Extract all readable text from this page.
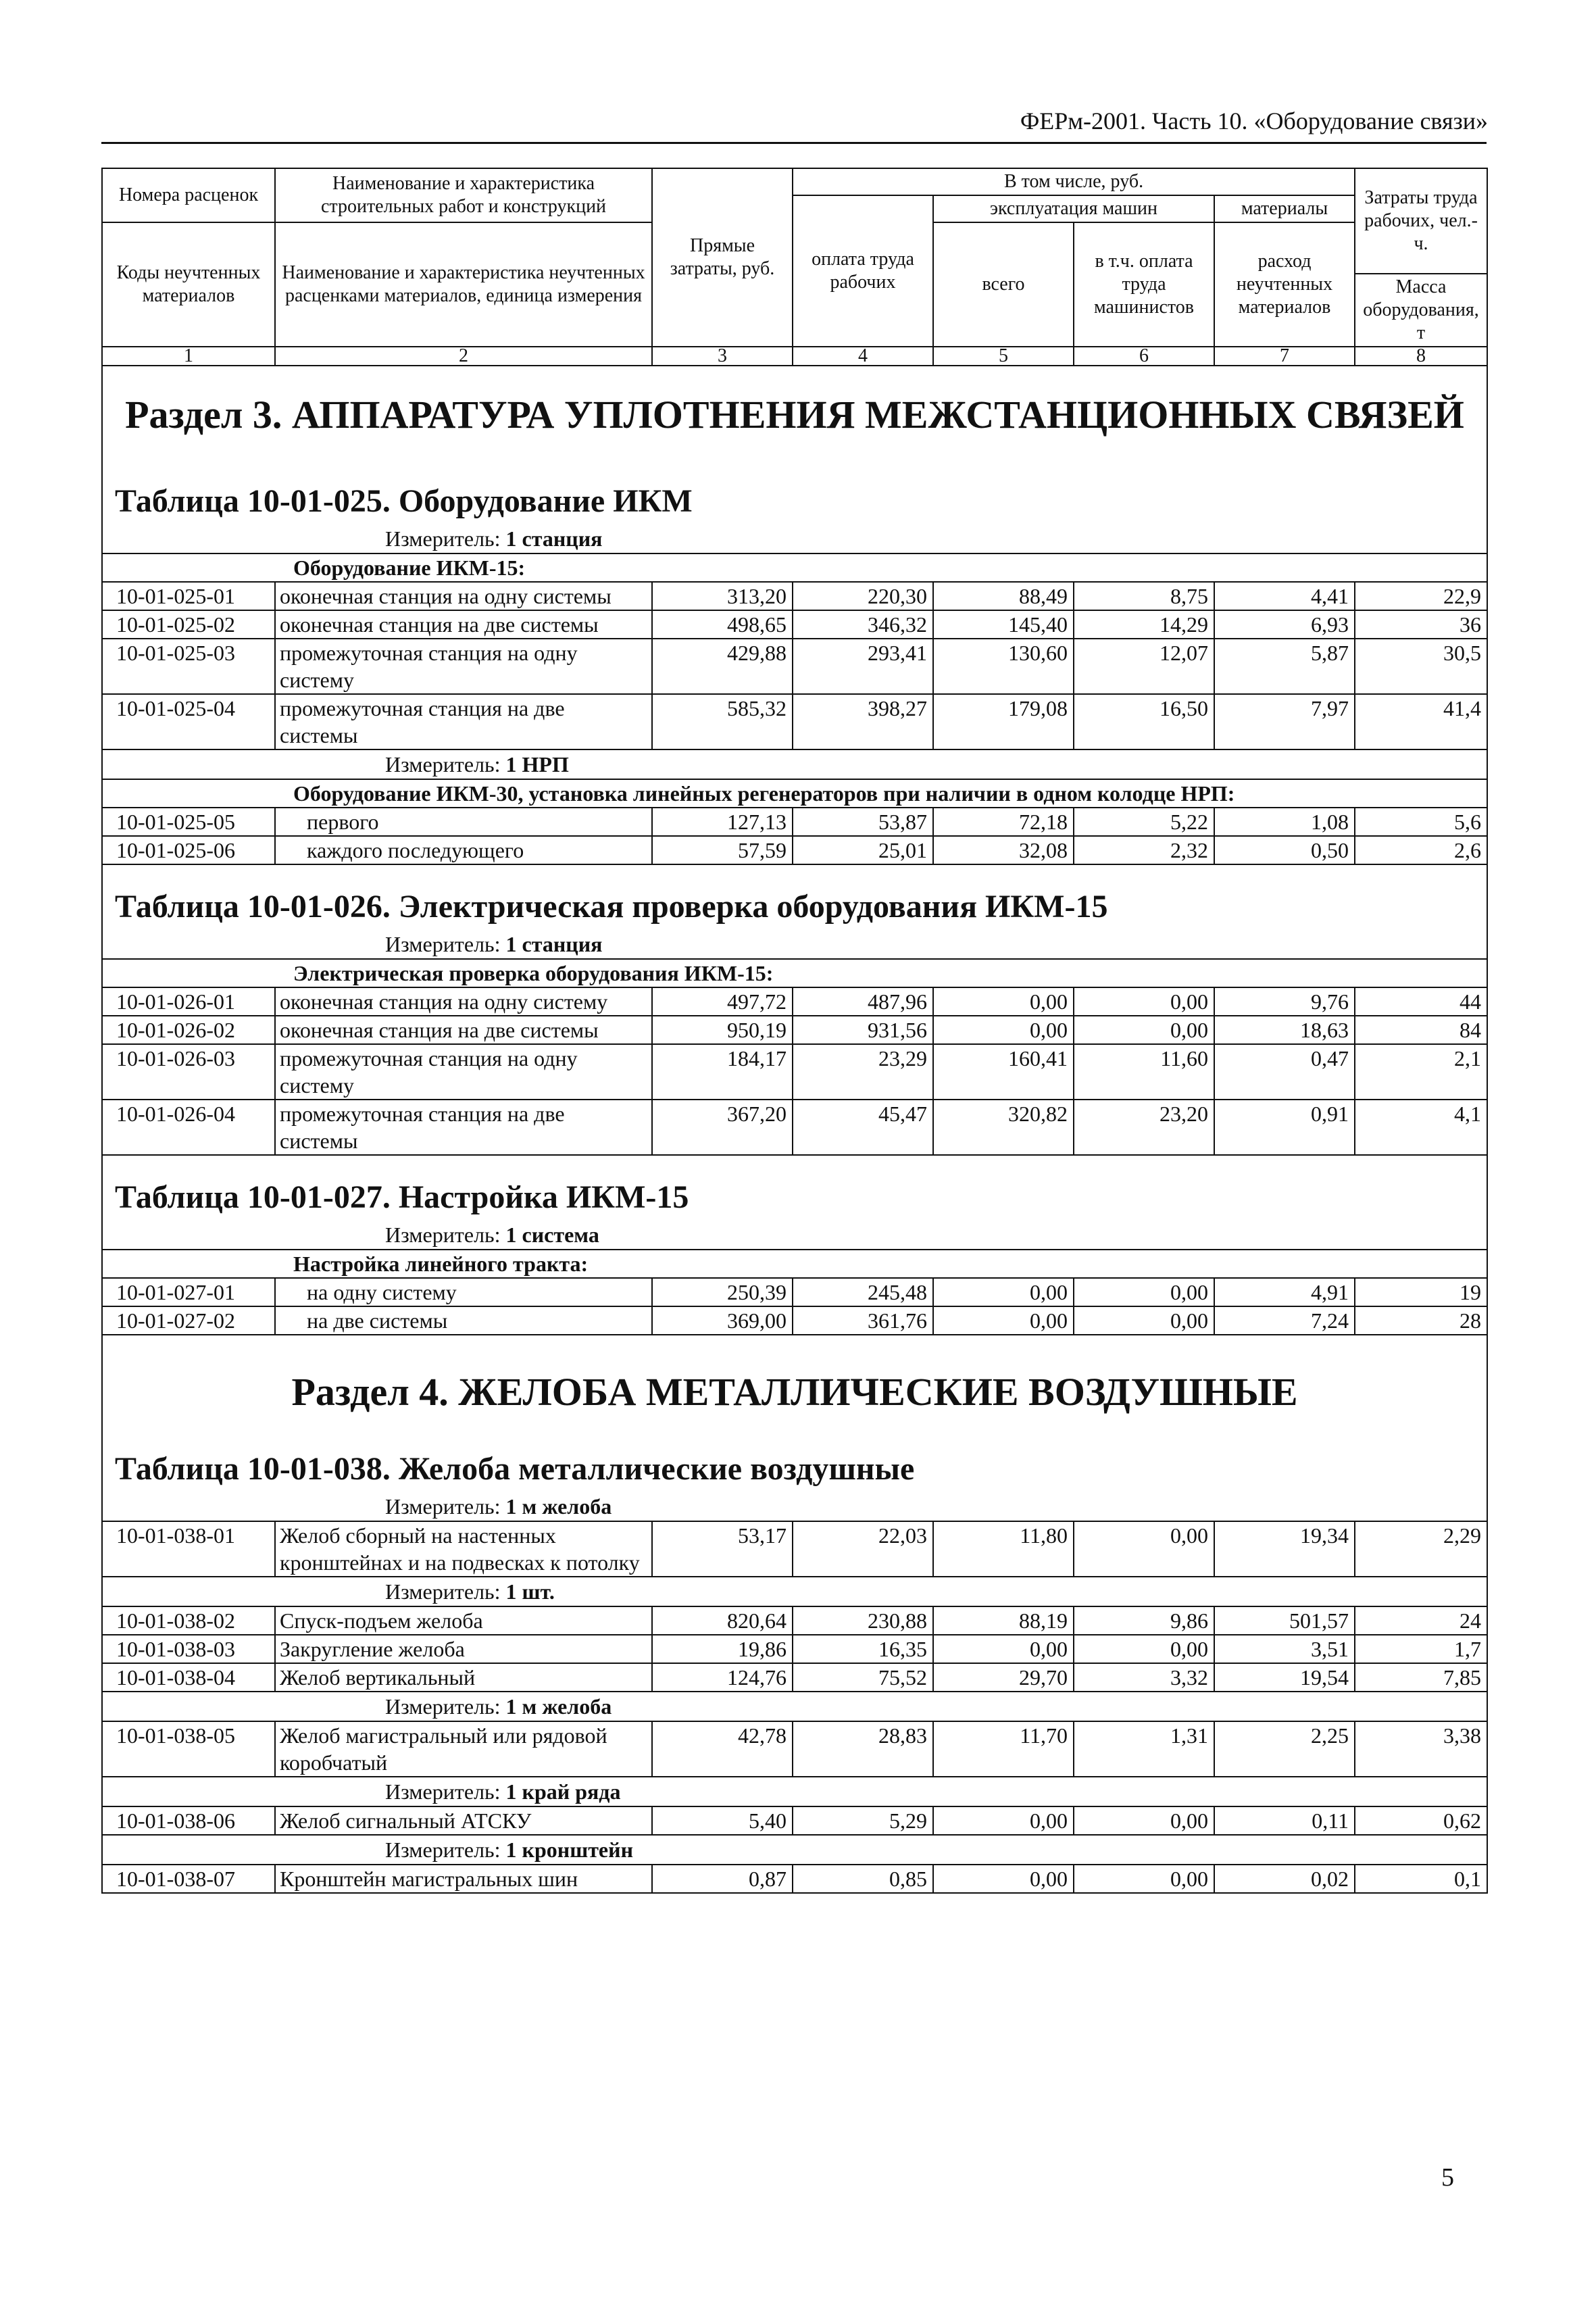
ФЕРм-2001. Часть 10. «Оборудование связи»
Номера расценок	Наименование и характеристика строительных работ и конструкций	Прямые затраты, руб.	В том числе, руб.				Затраты труда рабочих, чел.-ч.
			оплата труда рабочих	эксплуатация машин		материалы	
Коды неучтенных материалов	Наименование и характеристика неучтенных расценками материалов, единица измерения			всего	в т.ч. оплата труда машинистов	расход неучтенных материалов	
							Масса оборудования, т
1	2	3	4	5	6	7	8
Раздел 3. АППАРАТУРА УПЛОТНЕНИЯ МЕЖСТАНЦИОННЫХ СВЯЗЕЙ							
Таблица 10-01-025. Оборудование ИКМ							
Измеритель: 1 станция							
Оборудование ИКМ-15:							
10-01-025-01	оконечная станция на одну системы	313,20	220,30	88,49	8,75	4,41	22,9
10-01-025-02	оконечная станция на две системы	498,65	346,32	145,40	14,29	6,93	36
10-01-025-03	промежуточная станция на одну систему	429,88	293,41	130,60	12,07	5,87	30,5
10-01-025-04	промежуточная станция на две системы	585,32	398,27	179,08	16,50	7,97	41,4
Измеритель: 1 НРП							
Оборудование ИКМ-30, установка линейных регенераторов при наличии в одном колодце НРП:							
10-01-025-05	первого	127,13	53,87	72,18	5,22	1,08	5,6
10-01-025-06	каждого последующего	57,59	25,01	32,08	2,32	0,50	2,6
Таблица 10-01-026. Электрическая проверка оборудования ИКМ-15							
Измеритель: 1 станция							
Электрическая проверка оборудования ИКМ-15:							
10-01-026-01	оконечная станция на одну систему	497,72	487,96	0,00	0,00	9,76	44
10-01-026-02	оконечная станция на две системы	950,19	931,56	0,00	0,00	18,63	84
10-01-026-03	промежуточная станция на одну систему	184,17	23,29	160,41	11,60	0,47	2,1
10-01-026-04	промежуточная станция на две системы	367,20	45,47	320,82	23,20	0,91	4,1
Таблица 10-01-027. Настройка ИКМ-15							
Измеритель: 1 система							
Настройка линейного тракта:							
10-01-027-01	на одну систему	250,39	245,48	0,00	0,00	4,91	19
10-01-027-02	на две системы	369,00	361,76	0,00	0,00	7,24	28
Раздел 4. ЖЕЛОБА МЕТАЛЛИЧЕСКИЕ ВОЗДУШНЫЕ							
Таблица 10-01-038. Желоба металлические воздушные							
Измеритель: 1 м желоба							
10-01-038-01	Желоб сборный на настенных кронштейнах и на подвесках к потолку	53,17	22,03	11,80	0,00	19,34	2,29
Измеритель: 1 шт.							
10-01-038-02	Спуск-подъем желоба	820,64	230,88	88,19	9,86	501,57	24
10-01-038-03	Закругление желоба	19,86	16,35	0,00	0,00	3,51	1,7
10-01-038-04	Желоб вертикальный	124,76	75,52	29,70	3,32	19,54	7,85
Измеритель: 1 м желоба							
10-01-038-05	Желоб магистральный или рядовой коробчатый	42,78	28,83	11,70	1,31	2,25	3,38
Измеритель: 1 край ряда							
10-01-038-06	Желоб сигнальный АТСКУ	5,40	5,29	0,00	0,00	0,11	0,62
Измеритель: 1 кронштейн							
10-01-038-07	Кронштейн магистральных шин	0,87	0,85	0,00	0,00	0,02	0,1
5
